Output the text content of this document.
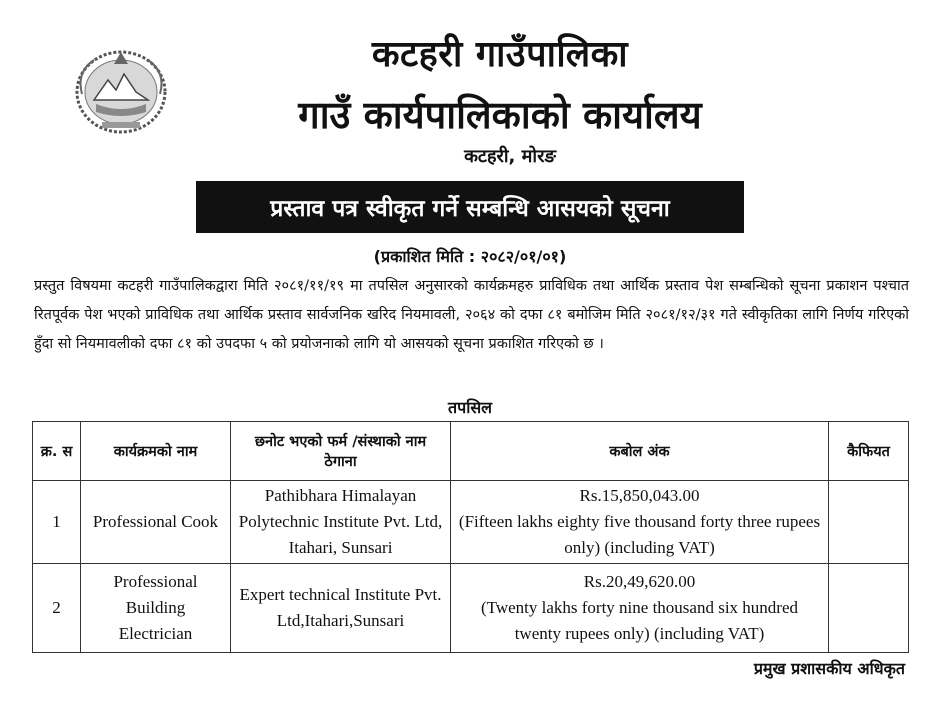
कटहरी गाउँपालिका
गाउँ कार्यपालिकाको कार्यालय
कटहरी, मोरङ
प्रस्ताव पत्र स्वीकृत गर्ने सम्बन्धि आसयको सूचना
(प्रकाशित मिति : २०८२/०१/०१)
प्रस्तुत विषयमा कटहरी गाउँपालिकद्वारा मिति २०८१/११/१९ मा तपसिल अनुसारको कार्यक्रमहरु प्राविधिक तथा आर्थिक प्रस्ताव पेश सम्बन्धिको सूचना प्रकाशन पश्चात रितपूर्वक पेश भएको प्राविधिक तथा आर्थिक प्रस्ताव सार्वजनिक खरिद नियमावली, २०६४ को दफा ८१ बमोजिम मिति २०८१/१२/३१ गते स्वीकृतिका लागि निर्णय गरिएको हुँदा सो नियमावलीको दफा ८१ को उपदफा ५ को प्रयोजनाको लागि यो आसयको सूचना प्रकाशित गरिएको छ ।
तपसिल
क्र. स	कार्यक्रमको नाम	छनोट भएको फर्म /संस्थाको नाम ठेगाना	कबोल अंक	कैफियत
1	Professional Cook	Pathibhara Himalayan Polytechnic Institute Pvt. Ltd, Itahari, Sunsari	Rs.15,850,043.00
(Fifteen lakhs eighty five thousand forty three rupees only) (including VAT)	

2	Professional Building Electrician	Expert technical Institute Pvt. Ltd,Itahari,Sunsari	Rs.20,49,620.00
(Twenty lakhs forty nine thousand six hundred twenty rupees only) (including VAT)	

प्रमुख प्रशासकीय अधिकृत
